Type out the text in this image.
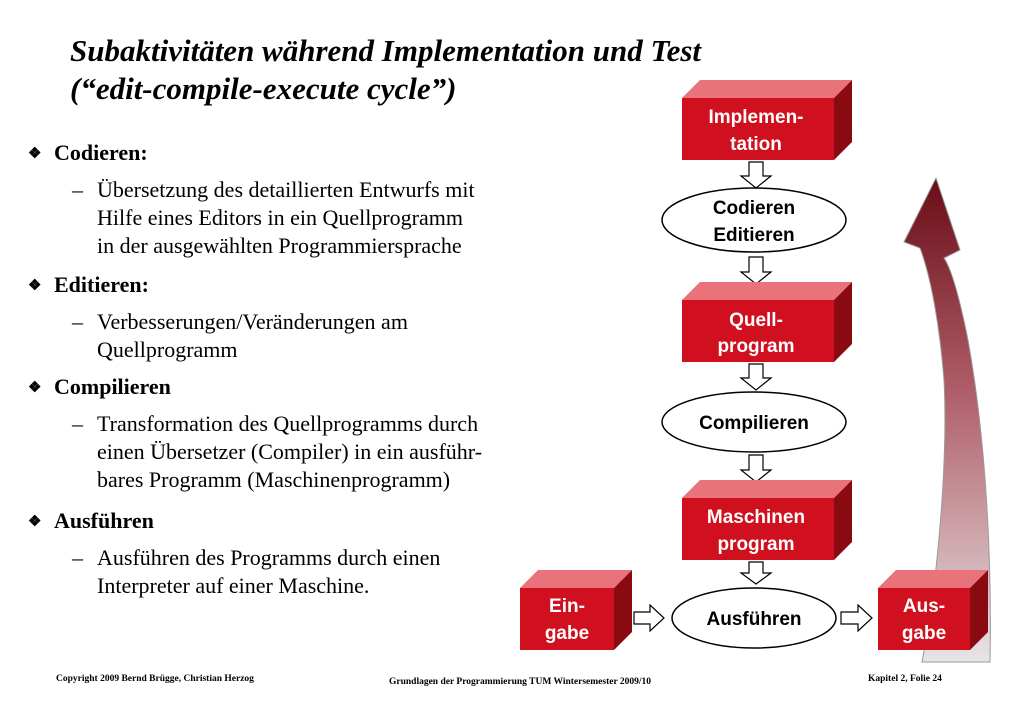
Subaktivitäten während Implementation und Test
(“edit-compile-execute cycle”)
❖ Codieren:
– Übersetzung des detaillierten Entwurfs mit
Hilfe eines Editors in ein Quellprogramm
in der ausgewählten Programmiersprache
❖ Editieren:
– Verbesserungen/Veränderungen am
Quellprogramm
❖ Compilieren
– Transformation des Quellprogramms durch
einen Übersetzer (Compiler) in ein ausführ-
bares Programm (Maschinenprogramm)
❖ Ausführen
– Ausführen des Programms durch einen
Interpreter auf einer Maschine.
Implemen-
tation
Codieren
Editieren
Quell-
program
Compilieren
Maschinen
program
Ein-
gabe
Ausführen
Aus-
gabe
Copyright 2009 Bernd Brügge, Christian Herzog	Grundlagen der Programmierung TUM Wintersemester 2009/10	Kapitel 2, Folie 24
